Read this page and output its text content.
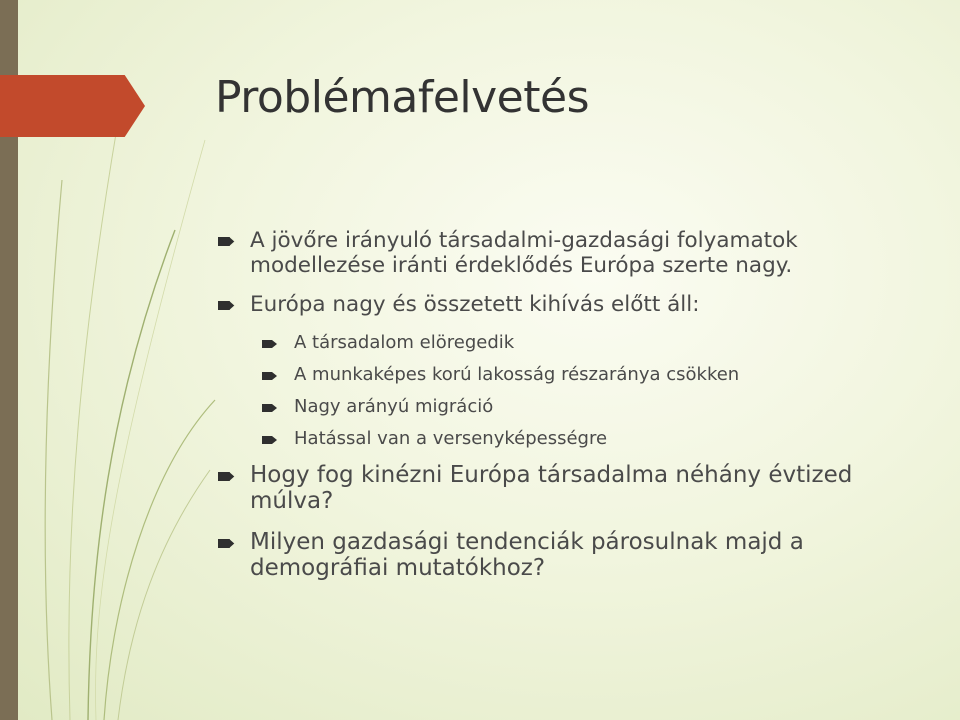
Problémafelvetés
A jövőre irányuló társadalmi-gazdasági folyamatok modellezése iránti érdeklődés Európa szerte nagy.
Európa nagy és összetett kihívás előtt áll:
A társadalom elöregedik
A munkaképes korú lakosság részaránya csökken
Nagy arányú migráció
Hatással van a versenyképességre
Hogy fog kinézni Európa társadalma néhány évtized múlva?
Milyen gazdasági tendenciák párosulnak majd a demográfiai mutatókhoz?
